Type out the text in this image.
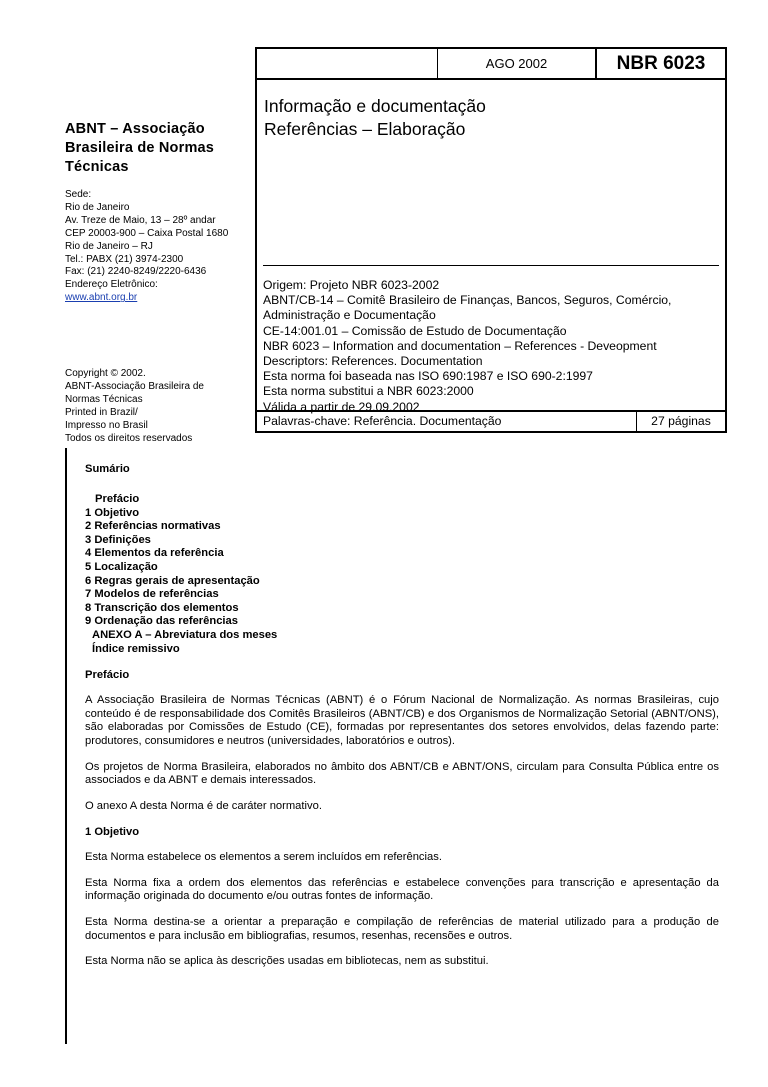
ABNT – Associação Brasileira de Normas Técnicas
Sede:
Rio de Janeiro
Av. Treze de Maio, 13 – 28º andar
CEP 20003-900 – Caixa Postal 1680
Rio de Janeiro – RJ
Tel.: PABX (21) 3974-2300
Fax: (21) 2240-8249/2220-6436
Endereço Eletrônico:
www.abnt.org.br
Copyright © 2002.
ABNT-Associação Brasileira de
Normas Técnicas
Printed in Brazil/
Impresso no Brasil
Todos os direitos reservados
AGO 2002	NBR 6023
Informação e documentação
Referências – Elaboração
Origem: Projeto NBR 6023-2002
ABNT/CB-14 – Comitê Brasileiro de Finanças, Bancos, Seguros, Comércio,
Administração e Documentação
CE-14:001.01 – Comissão de Estudo de Documentação
NBR 6023 – Information and documentation – References - Deveopment
Descriptors: References. Documentation
Esta norma foi baseada nas ISO 690:1987 e ISO 690-2:1997
Esta norma substitui a NBR 6023:2000
Válida a partir de 29.09.2002
Palavras-chave: Referência. Documentação	27 páginas
Sumário
Prefácio
1 Objetivo
2 Referências normativas
3 Definições
4 Elementos da referência
5 Localização
6 Regras gerais de apresentação
7 Modelos de referências
8 Transcrição dos elementos
9 Ordenação das referências
ANEXO A – Abreviatura dos meses
Índice remissivo
Prefácio
A Associação Brasileira de Normas Técnicas (ABNT) é o Fórum Nacional de Normalização. As normas Brasileiras, cujo conteúdo é de responsabilidade dos Comitês Brasileiros (ABNT/CB) e dos Organismos de Normalização Setorial (ABNT/ONS), são elaboradas por Comissões de Estudo (CE), formadas por representantes dos setores envolvidos, delas fazendo parte: produtores, consumidores e neutros (universidades, laboratórios e outros).
Os projetos de Norma Brasileira, elaborados no âmbito dos ABNT/CB e ABNT/ONS, circulam para Consulta Pública entre os associados e da ABNT e demais interessados.
O anexo A desta Norma é de caráter normativo.
1 Objetivo
Esta Norma estabelece os elementos a serem incluídos em referências.
Esta Norma fixa a ordem dos elementos das referências e estabelece convenções para transcrição e apresentação da informação originada do documento e/ou outras fontes de informação.
Esta Norma destina-se a orientar a preparação e compilação de referências de material utilizado para a produção de documentos e para inclusão em bibliografias, resumos, resenhas, recensões e outros.
Esta Norma não se aplica às descrições usadas em bibliotecas, nem as substitui.
